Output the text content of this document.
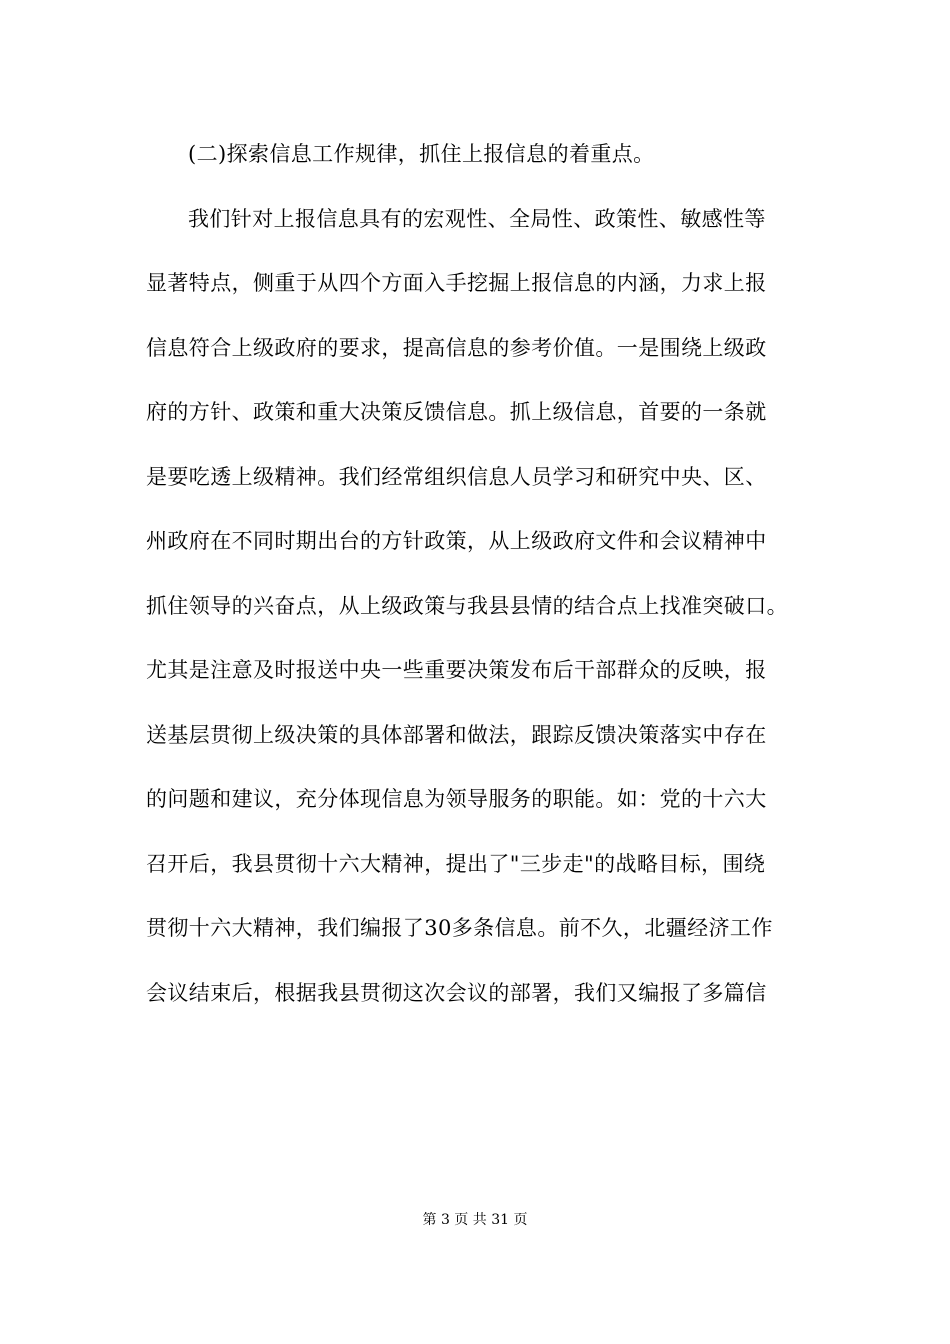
(二)探索信息工作规律，抓住上报信息的着重点。
我们针对上报信息具有的宏观性、全局性、政策性、敏感性等
显著特点，侧重于从四个方面入手挖掘上报信息的内涵，力求上报
信息符合上级政府的要求，提高信息的参考价值。一是围绕上级政
府的方针、政策和重大决策反馈信息。抓上级信息，首要的一条就
是要吃透上级精神。我们经常组织信息人员学习和研究中央、区、
州政府在不同时期出台的方针政策，从上级政府文件和会议精神中
抓住领导的兴奋点，从上级政策与我县县情的结合点上找准突破口。
尤其是注意及时报送中央一些重要决策发布后干部群众的反映，报
送基层贯彻上级决策的具体部署和做法，跟踪反馈决策落实中存在
的问题和建议，充分体现信息为领导服务的职能。如：党的十六大
召开后，我县贯彻十六大精神，提出了"三步走"的战略目标，围绕
贯彻十六大精神，我们编报了30多条信息。前不久，北疆经济工作
会议结束后，根据我县贯彻这次会议的部署，我们又编报了多篇信
第 3 页 共 31 页
